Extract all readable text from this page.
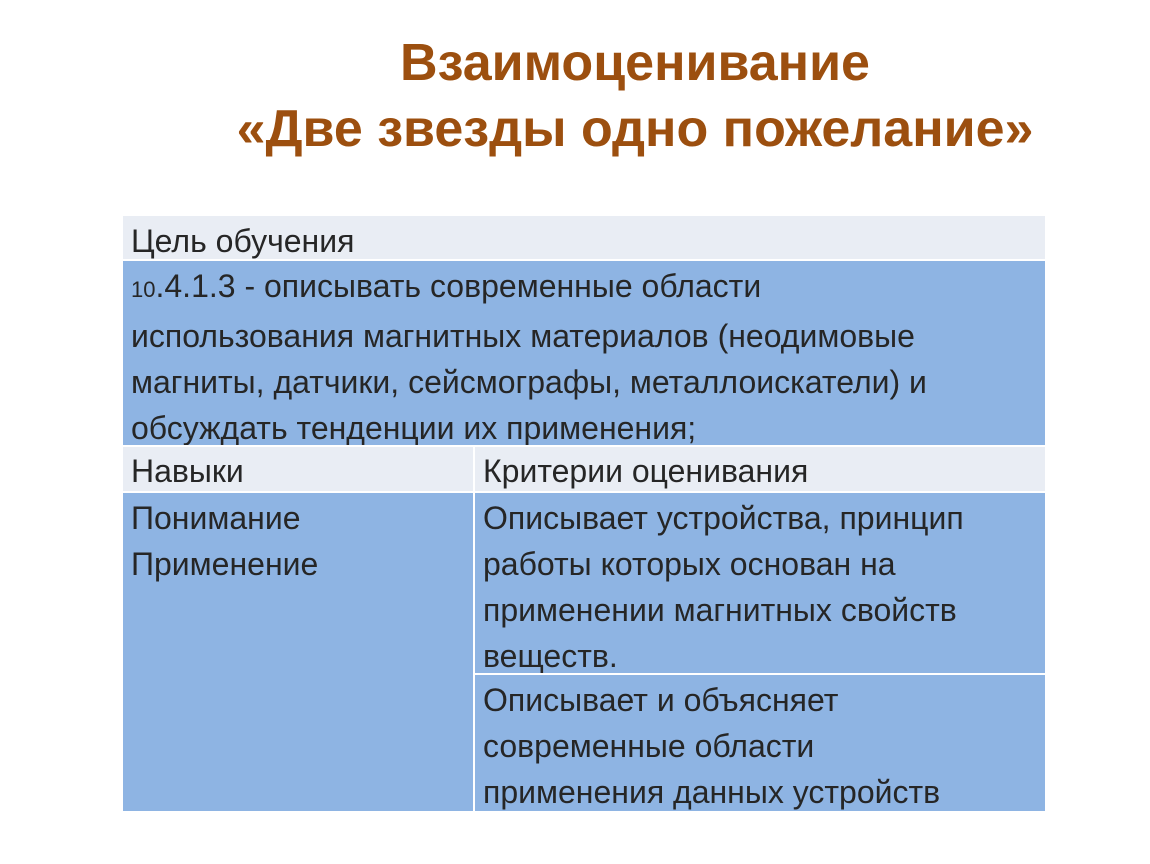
Взаимоценивание
«Две звезды одно пожелание»
Цель обучения
10.4.1.3 - описывать современные области
использования магнитных материалов (неодимовые
магниты, датчики, сейсмографы, металлоискатели) и
обсуждать тенденции их применения;
Навыки	Критерии оценивания
Понимание
Применение
Описывает устройства, принцип
работы которых основан на
применении магнитных свойств
веществ.
Описывает и объясняет
современные области
применения данных устройств
